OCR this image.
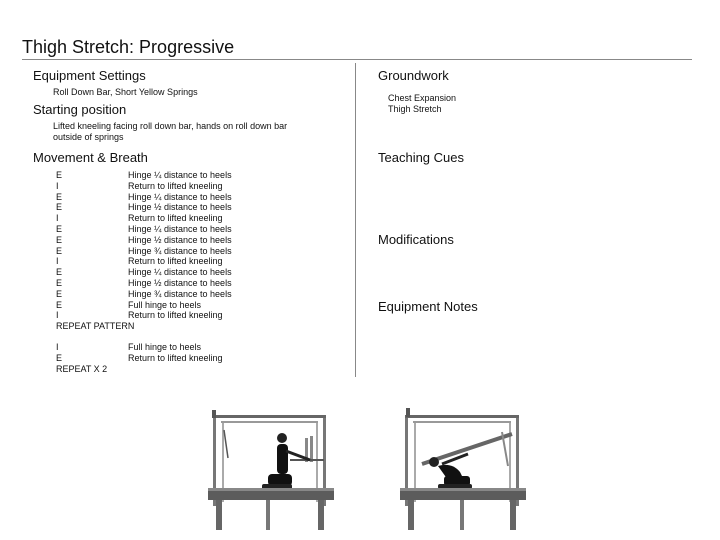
Thigh Stretch: Progressive
Equipment Settings
Roll Down Bar, Short Yellow Springs
Starting position
Lifted kneeling facing roll down bar, hands on roll down bar
outside of springs
Movement & Breath
E
I
E
E
I
E
E
E
I
E
E
E
E
I
REPEAT PATTERN
Hinge ¼ distance to heels
Return to lifted kneeling
Hinge ¼ distance to heels
Hinge ½ distance to heels
Return to lifted kneeling
Hinge ¼ distance to heels
Hinge ½ distance to heels
Hinge ¾ distance to heels
Return to lifted kneeling
Hinge ¼ distance to heels
Hinge ½ distance to heels
Hinge ¾ distance to heels
Full hinge to heels
Return to lifted kneeling
I
E
REPEAT X 2
Full hinge to heels
Return to lifted kneeling
Groundwork
Chest Expansion
Thigh Stretch
Teaching Cues
Modifications
Equipment Notes
